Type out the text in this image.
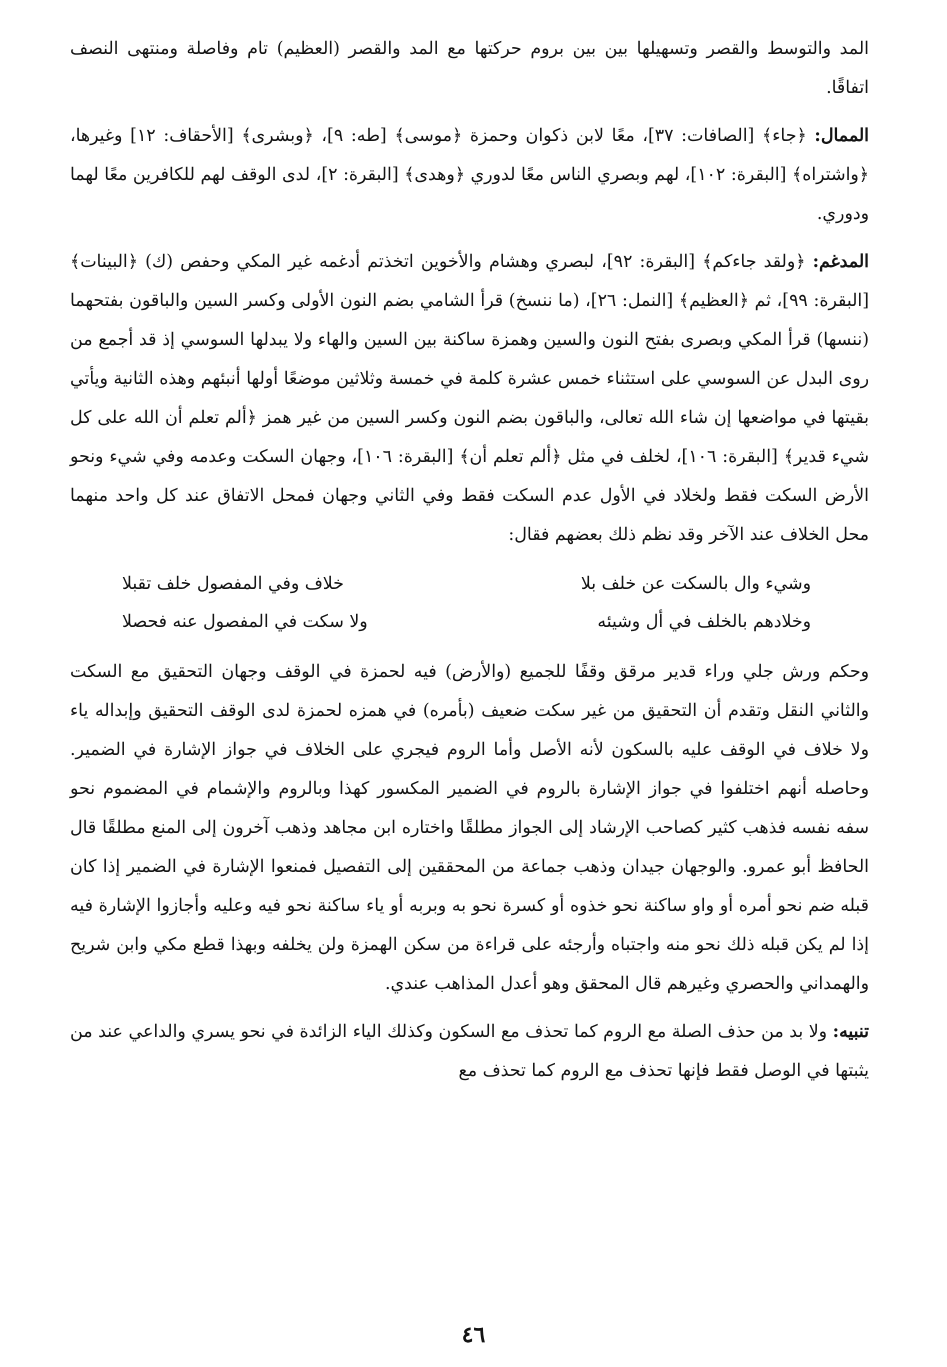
المد والتوسط والقصر وتسهيلها بين بين بروم حركتها مع المد والقصر (العظيم) تام وفاصلة ومنتهى النصف اتفاقًا.

الممال: ﴿جاء﴾ [الصافات: ٣٧]، معًا لابن ذكوان وحمزة ﴿موسى﴾ [طه: ٩]، ﴿وبشرى﴾ [الأحقاف: ١٢] وغيرها، ﴿واشتراه﴾ [البقرة: ١٠٢]، لهم وبصري الناس معًا لدوري ﴿وهدى﴾ [البقرة: ٢]، لدى الوقف لهم للكافرين معًا لهما ودوري.

المدغم: ﴿ولقد جاءكم﴾ [البقرة: ٩٢]، لبصري وهشام والأخوين اتخذتم أدغمه غير المكي وحفص (ك) ﴿البينات﴾ [البقرة: ٩٩]، ثم ﴿العظيم﴾ [النمل: ٢٦]، (ما ننسخ) قرأ الشامي بضم النون الأولى وكسر السين والباقون بفتحهما (ننسها) قرأ المكي وبصرى بفتح النون والسين وهمزة ساكنة بين السين والهاء ولا يبدلها السوسي إذ قد أجمع من روى البدل عن السوسي على استثناء خمس عشرة كلمة في خمسة وثلاثين موضعًا أولها أنبئهم وهذه الثانية ويأتي بقيتها في مواضعها إن شاء الله تعالى، والباقون بضم النون وكسر السين من غير همز ﴿ألم تعلم أن الله على كل شيء قدير﴾ [البقرة: ١٠٦]، لخلف في مثل ﴿ألم تعلم أن﴾ [البقرة: ١٠٦]، وجهان السكت وعدمه وفي شيء ونحو الأرض السكت فقط ولخلاد في الأول عدم السكت فقط وفي الثاني وجهان فمحل الاتفاق عند كل واحد منهما محل الخلاف عند الآخر وقد نظم ذلك بعضهم فقال:

وشيء وال بالسكت عن خلف بلا
خلاف وفي المفصول خلف تقبلا
وخلادهم بالخلف في أل وشيئه
ولا سكت في المفصول عنه فحصلا

وحكم ورش جلي وراء قدير مرقق وقفًا للجميع (والأرض) فيه لحمزة في الوقف وجهان التحقيق مع السكت والثاني النقل وتقدم أن التحقيق من غير سكت ضعيف (بأمره) في همزه لحمزة لدى الوقف التحقيق وإبداله ياء ولا خلاف في الوقف عليه بالسكون لأنه الأصل وأما الروم فيجري على الخلاف في جواز الإشارة في الضمير. وحاصله أنهم اختلفوا في جواز الإشارة بالروم في الضمير المكسور كهذا وبالروم والإشمام في المضموم نحو سفه نفسه فذهب كثير كصاحب الإرشاد إلى الجواز مطلقًا واختاره ابن مجاهد وذهب آخرون إلى المنع مطلقًا قال الحافظ أبو عمرو. والوجهان جيدان وذهب جماعة من المحققين إلى التفصيل فمنعوا الإشارة في الضمير إذا كان قبله ضم نحو أمره أو واو ساكنة نحو خذوه أو كسرة نحو به وبربه أو ياء ساكنة نحو فيه وعليه وأجازوا الإشارة فيه إذا لم يكن قبله ذلك نحو منه واجتباه وأرجئه على قراءة من سكن الهمزة ولن يخلفه وبهذا قطع مكي وابن شريح والهمداني والحصري وغيرهم قال المحقق وهو أعدل المذاهب عندي.

تنبيه: ولا بد من حذف الصلة مع الروم كما تحذف مع السكون وكذلك الياء الزائدة في نحو يسري والداعي عند من يثبتها في الوصل فقط فإنها تحذف مع الروم كما تحذف مع

٤٦
